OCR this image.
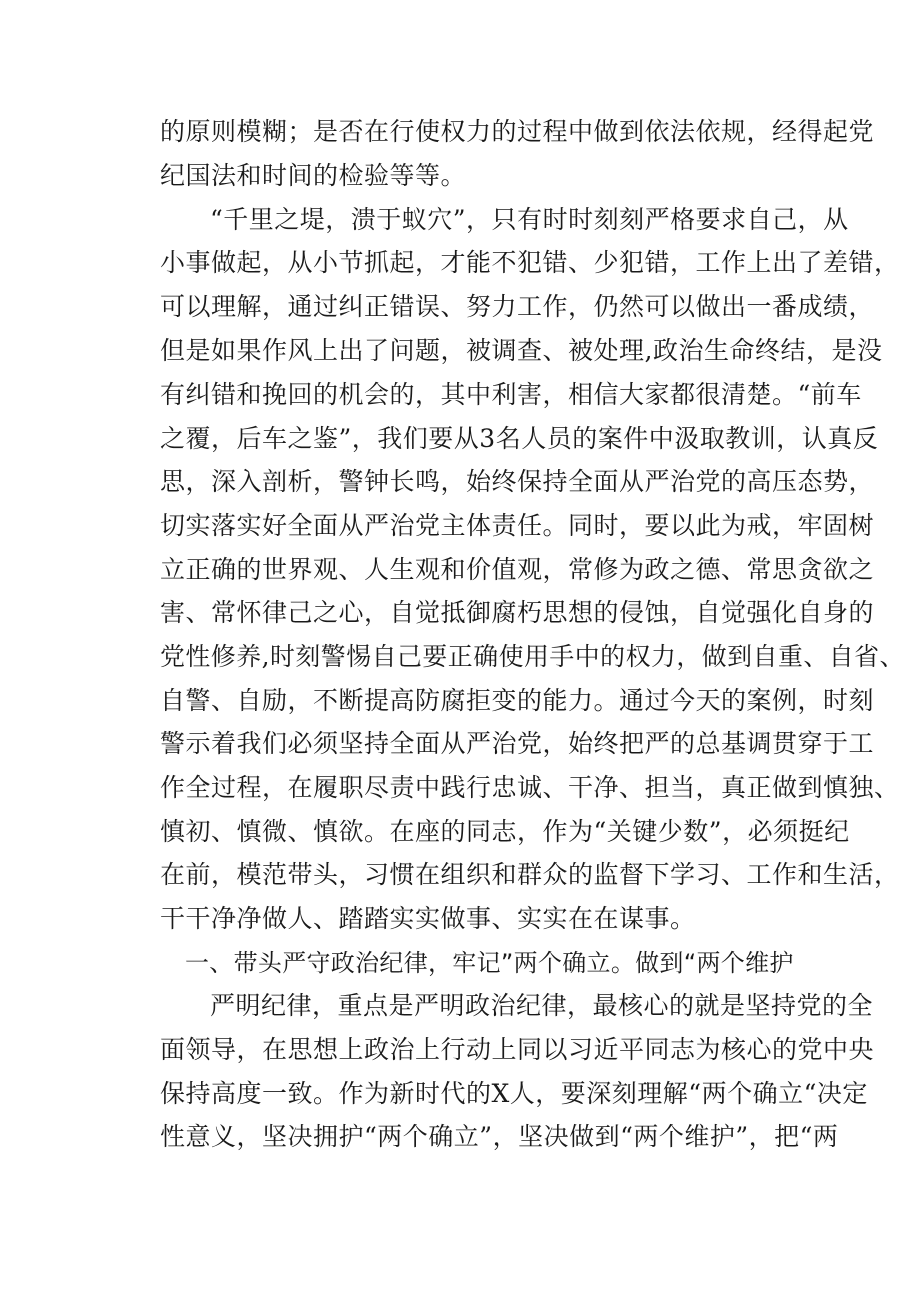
的原则模糊；是否在行使权力的过程中做到依法依规，经得起党
纪国法和时间的检验等等。
“千里之堤，溃于蚁穴”，只有时时刻刻严格要求自己，从
小事做起，从小节抓起，才能不犯错、少犯错，工作上出了差错，
可以理解，通过纠正错误、努力工作，仍然可以做出一番成绩，
但是如果作风上出了问题，被调查、被处理,政治生命终结，是没
有纠错和挽回的机会的，其中利害，相信大家都很清楚。“前车
之覆，后车之鉴”，我们要从3名人员的案件中汲取教训，认真反
思，深入剖析，警钟长鸣，始终保持全面从严治党的高压态势，
切实落实好全面从严治党主体责任。同时，要以此为戒，牢固树
立正确的世界观、人生观和价值观，常修为政之德、常思贪欲之
害、常怀律己之心，自觉抵御腐朽思想的侵蚀，自觉强化自身的
党性修养,时刻警惕自己要正确使用手中的权力，做到自重、自省、
自警、自励，不断提高防腐拒变的能力。通过今天的案例，时刻
警示着我们必须坚持全面从严治党，始终把严的总基调贯穿于工
作全过程，在履职尽责中践行忠诚、干净、担当，真正做到慎独、
慎初、慎微、慎欲。在座的同志，作为“关键少数”，必须挺纪
在前，模范带头，习惯在组织和群众的监督下学习、工作和生活，
干干净净做人、踏踏实实做事、实实在在谋事。
一、带头严守政治纪律，牢记”两个确立。做到“两个维护
严明纪律，重点是严明政治纪律，最核心的就是坚持党的全
面领导，在思想上政治上行动上同以习近平同志为核心的党中央
保持高度一致。作为新时代的X人，要深刻理解“两个确立“决定
性意义，坚决拥护“两个确立”，坚决做到“两个维护”，把“两
